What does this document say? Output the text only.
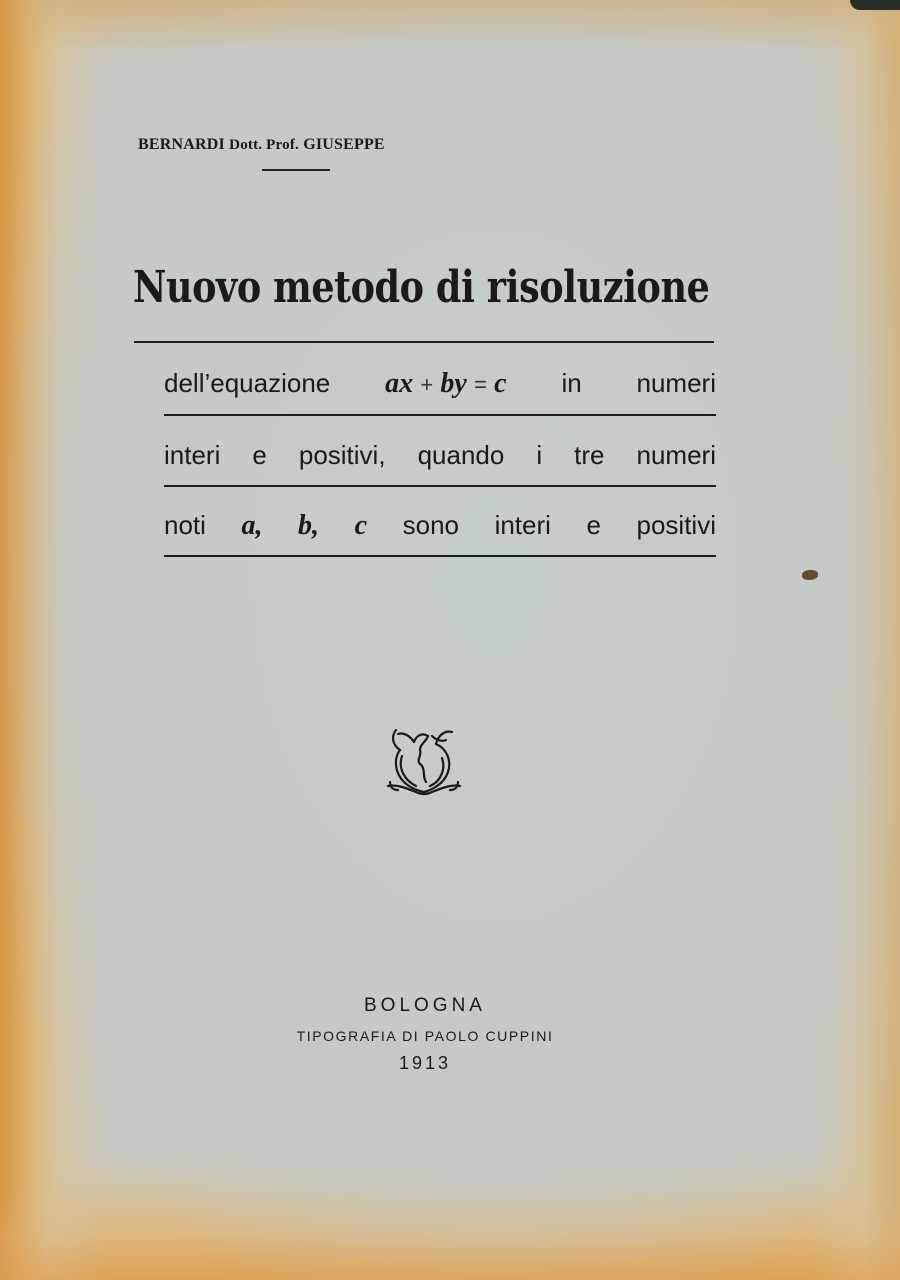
BERNARDI Dott. Prof. GIUSEPPE
Nuovo metodo di risoluzione
dell’equazione ax + by = c in numeri
interi e positivi, quando i tre numeri
noti a, b, c sono interi e positivi
BOLOGNA
TIPOGRAFIA DI PAOLO CUPPINI
1913
